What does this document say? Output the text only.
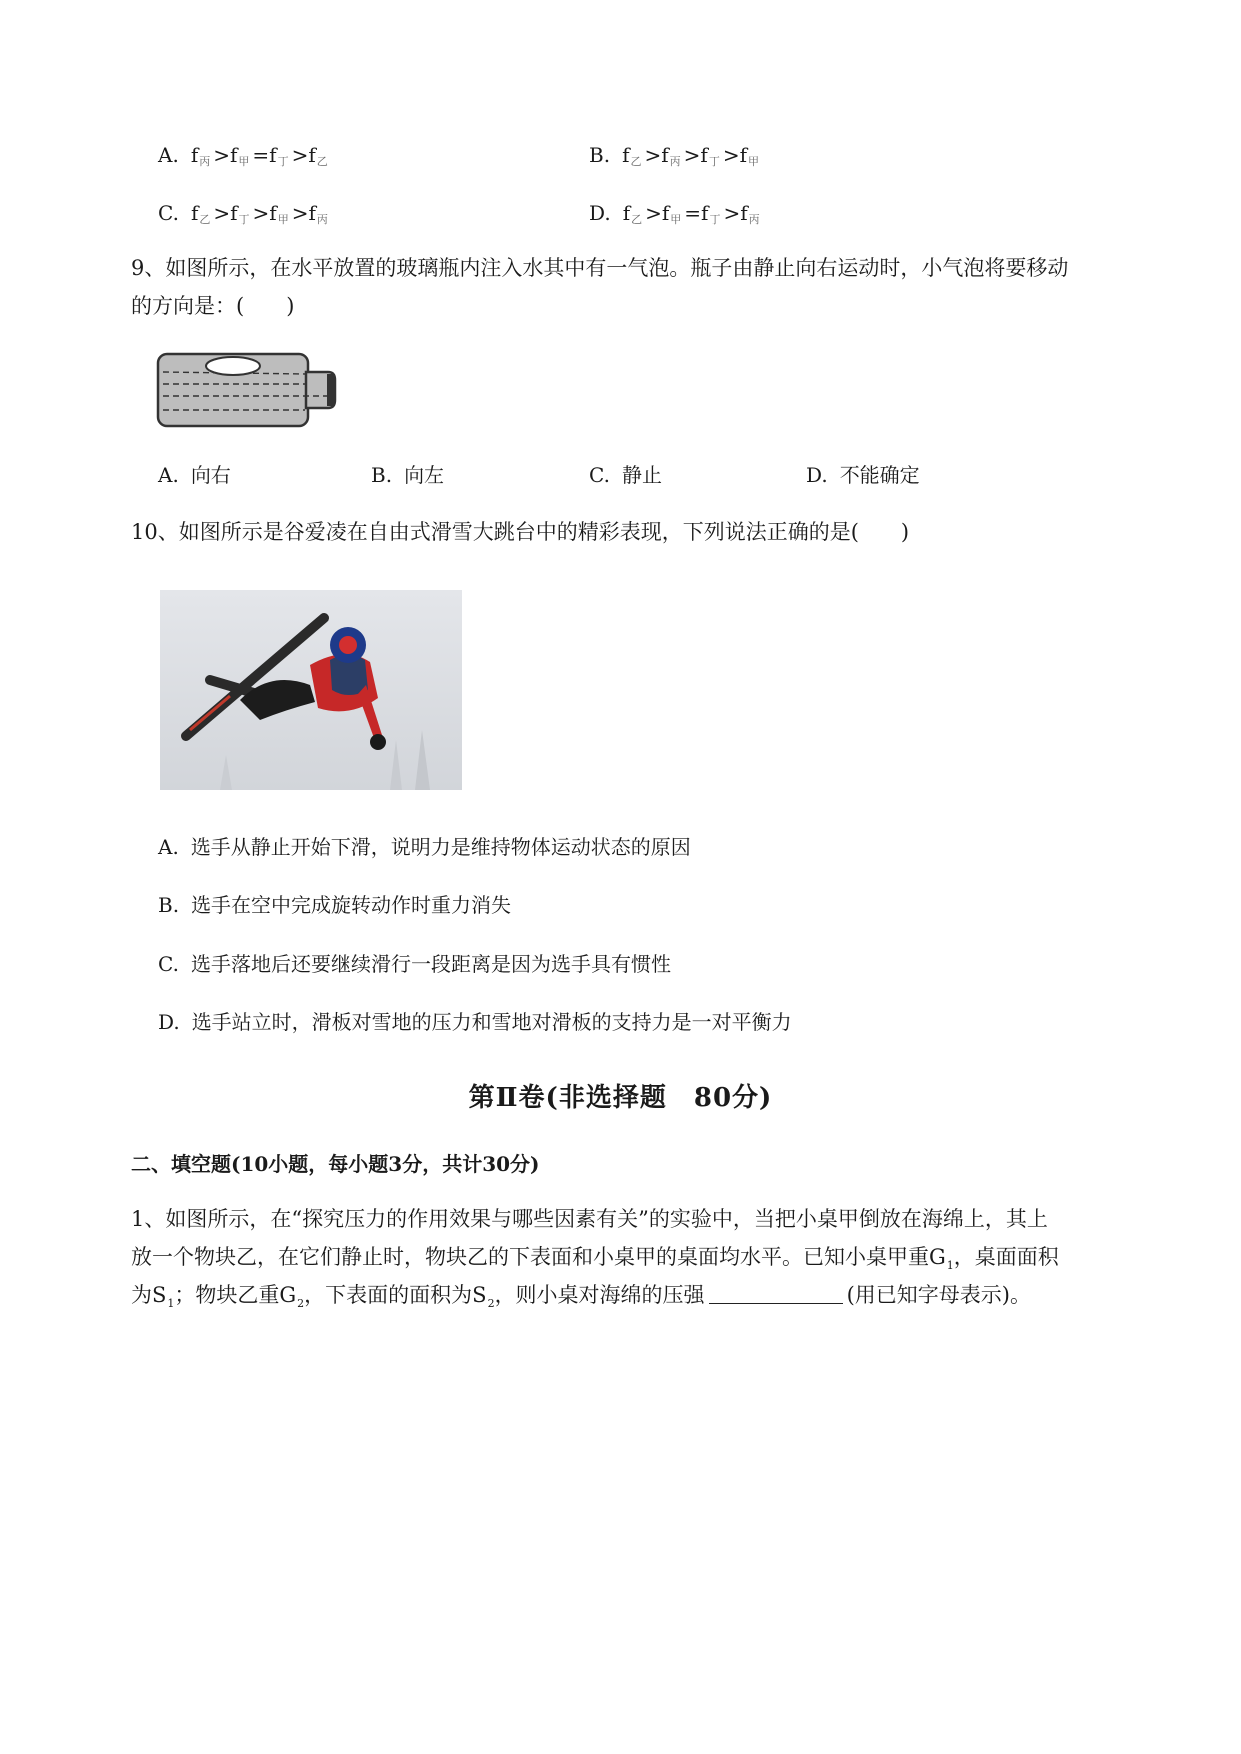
A. $f_丙 >f_甲 =f_丁 >f_乙$	B. $f_乙 >f_丙 >f_丁 >f_甲$
C. $f_乙 >f_丁 >f_甲 >f_丙$	D. $f_乙 >f_甲 =f_丁 >f_丙$
9、如图所示，在水平放置的玻璃瓶内注入水其中有一气泡。瓶子由静止向右运动时，小气泡将要移动
的方向是：(　　)
A. 向右	B. 向左	C. 静止	D. 不能确定
10、如图所示是谷爱凌在自由式滑雪大跳台中的精彩表现，下列说法正确的是(　　)
A. 选手从静止开始下滑，说明力是维持物体运动状态的原因
B. 选手在空中完成旋转动作时重力消失
C. 选手落地后还要继续滑行一段距离是因为选手具有惯性
D. 选手站立时，滑板对雪地的压力和雪地对滑板的支持力是一对平衡力
第Ⅱ卷(非选择题　80分)
二、填空题(10小题，每小题3分，共计30分)
1、如图所示，在“探究压力的作用效果与哪些因素有关”的实验中，当把小桌甲倒放在海绵上，其上
放一个物块乙，在它们静止时，物块乙的下表面和小桌甲的桌面均水平。已知小桌甲重$G_1$，桌面面积
为$S_1$；物块乙重$G_2$，下表面的面积为$S_2$，则小桌对海绵的压强	(用已知字母表示)。
